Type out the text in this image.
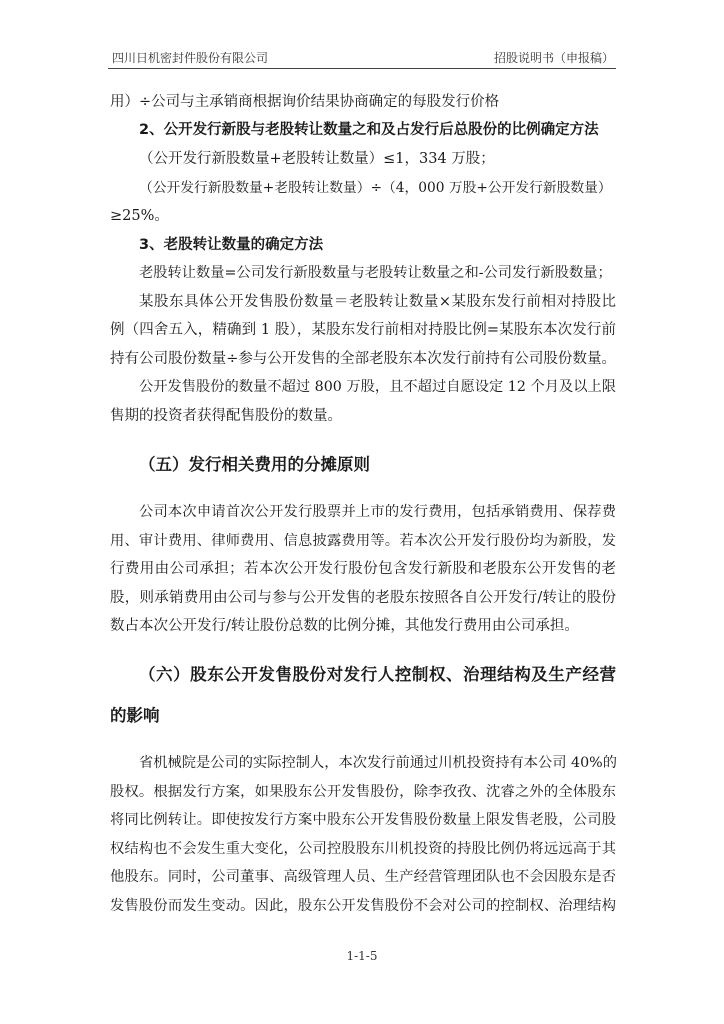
四川日机密封件股份有限公司	招股说明书（申报稿）
用）÷公司与主承销商根据询价结果协商确定的每股发行价格
2、公开发行新股与老股转让数量之和及占发行后总股份的比例确定方法
（公开发行新股数量+老股转让数量）≤1，334 万股；
（公开发行新股数量+老股转让数量）÷（4，000 万股+公开发行新股数量）
≥25%。
3、老股转让数量的确定方法
老股转让数量=公司发行新股数量与老股转让数量之和-公司发行新股数量；
某股东具体公开发售股份数量＝老股转让数量×某股东发行前相对持股比
例（四舍五入，精确到 1 股），某股东发行前相对持股比例=某股东本次发行前
持有公司股份数量÷参与公开发售的全部老股东本次发行前持有公司股份数量。
公开发售股份的数量不超过 800 万股，且不超过自愿设定 12 个月及以上限
售期的投资者获得配售股份的数量。
（五）发行相关费用的分摊原则
公司本次申请首次公开发行股票并上市的发行费用，包括承销费用、保荐费
用、审计费用、律师费用、信息披露费用等。若本次公开发行股份均为新股，发
行费用由公司承担；若本次公开发行股份包含发行新股和老股东公开发售的老
股，则承销费用由公司与参与公开发售的老股东按照各自公开发行/转让的股份
数占本次公开发行/转让股份总数的比例分摊，其他发行费用由公司承担。
（六）股东公开发售股份对发行人控制权、治理结构及生产经营
的影响
省机械院是公司的实际控制人，本次发行前通过川机投资持有本公司 40%的
股权。根据发行方案，如果股东公开发售股份，除李孜孜、沈睿之外的全体股东
将同比例转让。即使按发行方案中股东公开发售股份数量上限发售老股，公司股
权结构也不会发生重大变化，公司控股股东川机投资的持股比例仍将远远高于其
他股东。同时，公司董事、高级管理人员、生产经营管理团队也不会因股东是否
发售股份而发生变动。因此，股东公开发售股份不会对公司的控制权、治理结构
1-1-5
